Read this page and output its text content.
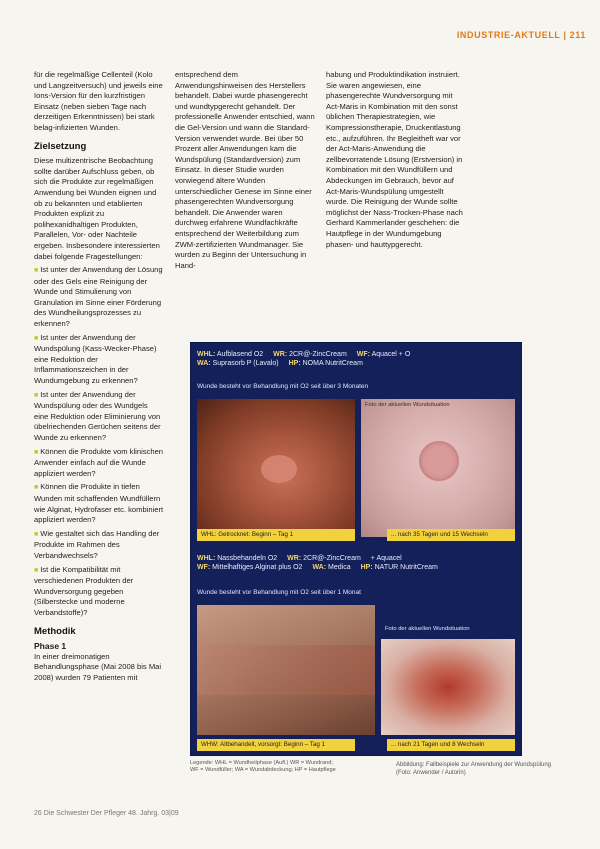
INDUSTRIE-AKTUELL | 211

für die regelmäßige Cellenteil (Kolo und Langzeitversuch) und jeweils eine Ions-Version für den kurzfristigen Einsatz (neben sieben Tage nach derzeitigen Erkenntnissen) bei stark belag-infizierten Wunden.

Zielsetzung

Diese multizentrische Beobachtung sollte darüber Aufschluss geben, ob sich die Produkte zur regelmäßigen Anwendung bei Wunden eignen und ob zu bekannten und etablierten Produkten explizit zu polihexanidhaltigen Produkten, Parallelen, Vor- oder Nachteile ergeben. Insbesondere interessierten dabei folgende Fragestellungen:

■ Ist unter der Anwendung der Lösung oder des Gels eine Reinigung der Wunde und Stimulierung von Granulation im Sinne einer Förderung des Wundheilungsprozesses zu erkennen?

■ Ist unter der Anwendung der Wundspülung (Kass-Wecker-Phase) eine Reduktion der Inflammationszeichen in der Wundumgebung zu erkennen?

■ Ist unter der Anwendung der Wundspülung oder des Wundgels eine Reduktion oder Eliminierung von übelriechenden Gerüchen seitens der Wunde zu erkennen?

■ Können die Produkte vom klinischen Anwender einfach auf die Wunde appliziert werden?

■ Können die Produkte in tiefen Wunden mit schaffenden Wundfüllern wie Alginat, Hydrofaser etc. kombiniert appliziert werden?

■ Wie gestaltet sich das Handling der Produkte im Rahmen des Verbandwechsels?

■ Ist die Kompatibilität mit verschiedenen Produkten der Wundversorgung gegeben (Silberstecke und moderne Verbandstoffe)?

Methodik
Phase 1

In einer dreimonatigen Behandlungsphase (Mai 2008 bis Mai 2008) wurden 79 Patienten mit

entsprechend dem Anwendungshinweisen des Herstellers behandelt. Dabei wurde phasengerecht und wundtypgerecht gehandelt. Der professionelle Anwender entschied, wann die Gel-Version und wann die Standard-Version verwendet wurde. Bei über 50 Prozent aller Anwendungen kam die Wundspülung (Standardversion) zum Einsatz. In dieser Studie wurden vorwiegend ältere Wunden unterschiedlicher Genese im Sinne einer phasengerechten Wundversorgung behandelt. Die Anwender waren durchweg erfahrene Wundfachkräfte entsprechend der Weiterbildung zum ZWM-zertifizierten Wundmanager. Sie wurden zu Beginn der Untersuchung in Hand-

habung und Produktindikation instruiert. Sie waren angewiesen, eine phasengerechte Wundversorgung mit Act-Maris in Kombination mit den sonst üblichen Therapiestrategien, wie Kompressionstherapie, Druckentlastung etc., aufzuführen. Ihr Begleitheft war vor der Act-Maris-Anwendung die zellbevorratende Lösung (Erstversion) in Kombination mit den Wundfüllern und Abdeckungen im Gebrauch, bevor auf Act-Maris-Wundspülung umgestellt wurde. Die Reinigung der Wunde sollte möglichst der Nass-Trocken-Phase nach Gerhard Kammerlander geschehen: die Hautpflege in der Wundumgebung phasen- und hauttypgerecht.

WHL: Aufblasend O2 WR: 2CR@-ZincCream WF: Aquacel + O
WA: Suprasorb P (Lavalo) HP: NOMA NutritCream
Wunde besteht vor Behandlung mit O2 seit über 3 Monaten
Foto der aktuellen Wundsituation
WHL: Getrocknet: Beginn – Tag 1	... nach 35 Tagen und 15 Wechseln
WHL: Nassbehandeln O2 WR: 2CR@-ZincCream + Aquacel
WF: Mittelhaftiges Alginat plus O2 WA: Medica HP: NATUR NutritCream
Wunde besteht vor Behandlung mit O2 seit über 1 Monat
Foto der aktuellen Wundsituation
WHW: Altbehandelt, vorsorgt: Beginn – Tag 1	... nach 21 Tagen und 8 Wechseln
Legende: WHL = Wundheilphase (Aufl.) WR = Wundrand; WF = Wundfüller; WA = Wundabdeckung; HP = Hautpflege
Abbildung: Fallbeispiele zur Anwendung der Wundspülung (Foto: Anwender / Autorin)
26 Die Schwester Der Pfleger 48. Jahrg. 03|09
